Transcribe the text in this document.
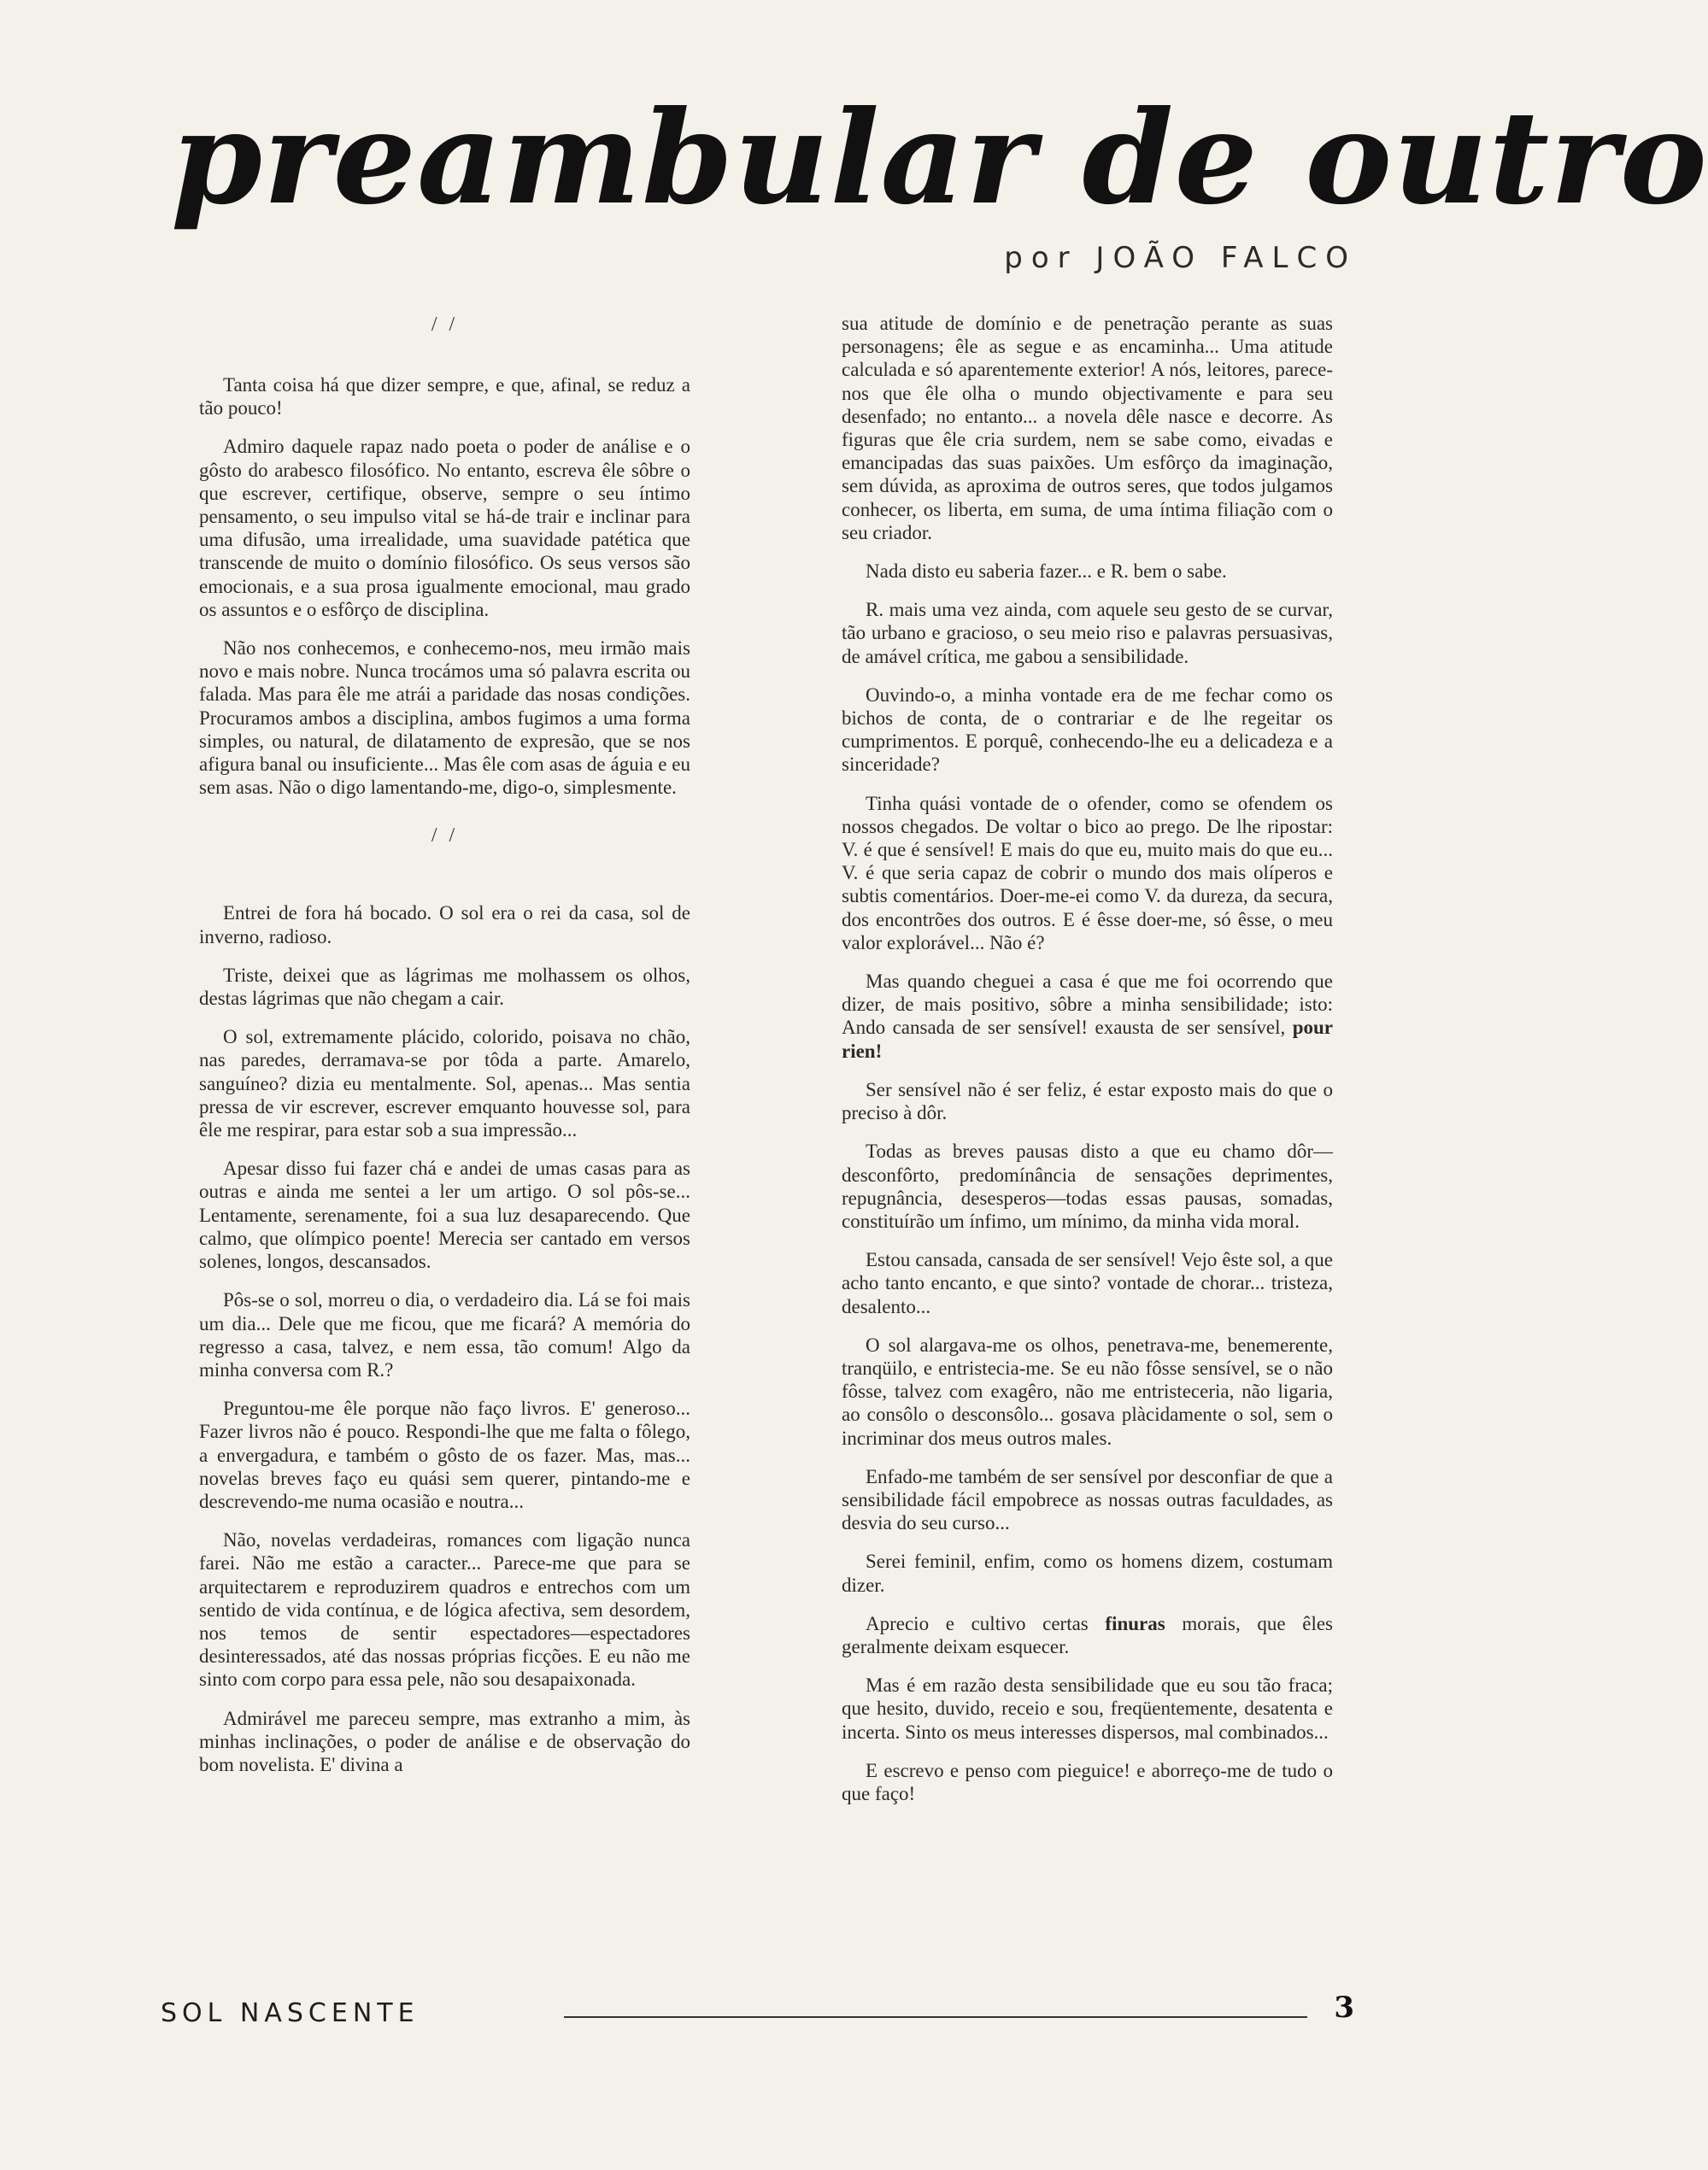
preambular de outro
por JOÃO FALCO
/ /

Tanta coisa há que dizer sempre, e que, afinal, se reduz a tão pouco!

Admiro daquele rapaz nado poeta o poder de análise e o gôsto do arabesco filosófico. No entanto, escreva êle sôbre o que escrever, certifique, observe, sempre o seu íntimo pensamento, o seu impulso vital se há-de trair e inclinar para uma difusão, uma irrealidade, uma suavidade patética que transcende de muito o domínio filosófico. Os seus versos são emocionais, e a sua prosa igualmente emocional, mau grado os assuntos e o esfôrço de disciplina.

Não nos conhecemos, e conhecemo-nos, meu irmão mais novo e mais nobre. Nunca trocámos uma só palavra escrita ou falada. Mas para êle me atrái a paridade das nosas condições. Procuramos ambos a disciplina, ambos fugimos a uma forma simples, ou natural, de dilatamento de expresão, que se nos afigura banal ou insuficiente... Mas êle com asas de águia e eu sem asas. Não o digo lamentando-me, digo-o, simplesmente.

/ /

Entrei de fora há bocado. O sol era o rei da casa, sol de inverno, radioso.

Triste, deixei que as lágrimas me molhassem os olhos, destas lágrimas que não chegam a cair.

O sol, extremamente plácido, colorido, poisava no chão, nas paredes, derramava-se por tôda a parte. Amarelo, sanguíneo? dizia eu mentalmente. Sol, apenas... Mas sentia pressa de vir escrever, escrever emquanto houvesse sol, para êle me respirar, para estar sob a sua impressão...

Apesar disso fui fazer chá e andei de umas casas para as outras e ainda me sentei a ler um artigo. O sol pôs-se... Lentamente, serenamente, foi a sua luz desaparecendo. Que calmo, que olímpico poente! Merecia ser cantado em versos solenes, longos, descansados.

Pôs-se o sol, morreu o dia, o verdadeiro dia. Lá se foi mais um dia... Dele que me ficou, que me ficará? A memória do regresso a casa, talvez, e nem essa, tão comum! Algo da minha conversa com R.?

Preguntou-me êle porque não faço livros. E' generoso... Fazer livros não é pouco. Respondi-lhe que me falta o fôlego, a envergadura, e também o gôsto de os fazer. Mas, mas... novelas breves faço eu quási sem querer, pintando-me e descrevendo-me numa ocasião e noutra...

Não, novelas verdadeiras, romances com ligação nunca farei. Não me estão a caracter... Parece-me que para se arquitectarem e reproduzirem quadros e entrechos com um sentido de vida contínua, e de lógica afectiva, sem desordem, nos temos de sentir espectadores—espectadores desinteressados, até das nossas próprias ficções. E eu não me sinto com corpo para essa pele, não sou desapaixonada.

Admirável me pareceu sempre, mas extranho a mim, às minhas inclinações, o poder de análise e de observação do bom novelista. E' divina a

sua atitude de domínio e de penetração perante as suas personagens; êle as segue e as encaminha... Uma atitude calculada e só aparentemente exterior! A nós, leitores, parece-nos que êle olha o mundo objectivamente e para seu desenfado; no entanto... a novela dêle nasce e decorre. As figuras que êle cria surdem, nem se sabe como, eivadas e emancipadas das suas paixões. Um esfôrço da imaginação, sem dúvida, as aproxima de outros seres, que todos julgamos conhecer, os liberta, em suma, de uma íntima filiação com o seu criador.

Nada disto eu saberia fazer... e R. bem o sabe.

R. mais uma vez ainda, com aquele seu gesto de se curvar, tão urbano e gracioso, o seu meio riso e palavras persuasivas, de amável crítica, me gabou a sensibilidade.

Ouvindo-o, a minha vontade era de me fechar como os bichos de conta, de o contrariar e de lhe regeitar os cumprimentos. E porquê, conhecendo-lhe eu a delicadeza e a sinceridade?

Tinha quási vontade de o ofender, como se ofendem os nossos chegados. De voltar o bico ao prego. De lhe ripostar: V. é que é sensível! E mais do que eu, muito mais do que eu... V. é que seria capaz de cobrir o mundo dos mais olíperos e subtis comentários. Doer-me-ei como V. da dureza, da secura, dos encontrões dos outros. E é êsse doer-me, só êsse, o meu valor explorável... Não é?

Mas quando cheguei a casa é que me foi ocorrendo que dizer, de mais positivo, sôbre a minha sensibilidade; isto: Ando cansada de ser sensível! exausta de ser sensível, pour rien!

Ser sensível não é ser feliz, é estar exposto mais do que o preciso à dôr.

Todas as breves pausas disto a que eu chamo dôr—desconfôrto, predomínância de sensações deprimentes, repugnância, desesperos—todas essas pausas, somadas, constituírão um ínfimo, um mínimo, da minha vida moral.

Estou cansada, cansada de ser sensível! Vejo êste sol, a que acho tanto encanto, e que sinto? vontade de chorar... tristeza, desalento...

O sol alargava-me os olhos, penetrava-me, benemerente, tranqüilo, e entristecia-me. Se eu não fôsse sensível, se o não fôsse, talvez com exagêro, não me entristeceria, não ligaria, ao consôlo o desconsôlo... gosava plàcidamente o sol, sem o incriminar dos meus outros males.

Enfado-me também de ser sensível por desconfiar de que a sensibilidade fácil empobrece as nossas outras faculdades, as desvia do seu curso...

Serei feminil, enfim, como os homens dizem, costumam dizer.

Aprecio e cultivo certas finuras morais, que êles geralmente deixam esquecer.

Mas é em razão desta sensibilidade que eu sou tão fraca; que hesito, duvido, receio e sou, freqüentemente, desatenta e incerta. Sinto os meus interesses dispersos, mal combinados...

E escrevo e penso com pieguice! e aborreço-me de tudo o que faço!

SOL NASCENTE	3
